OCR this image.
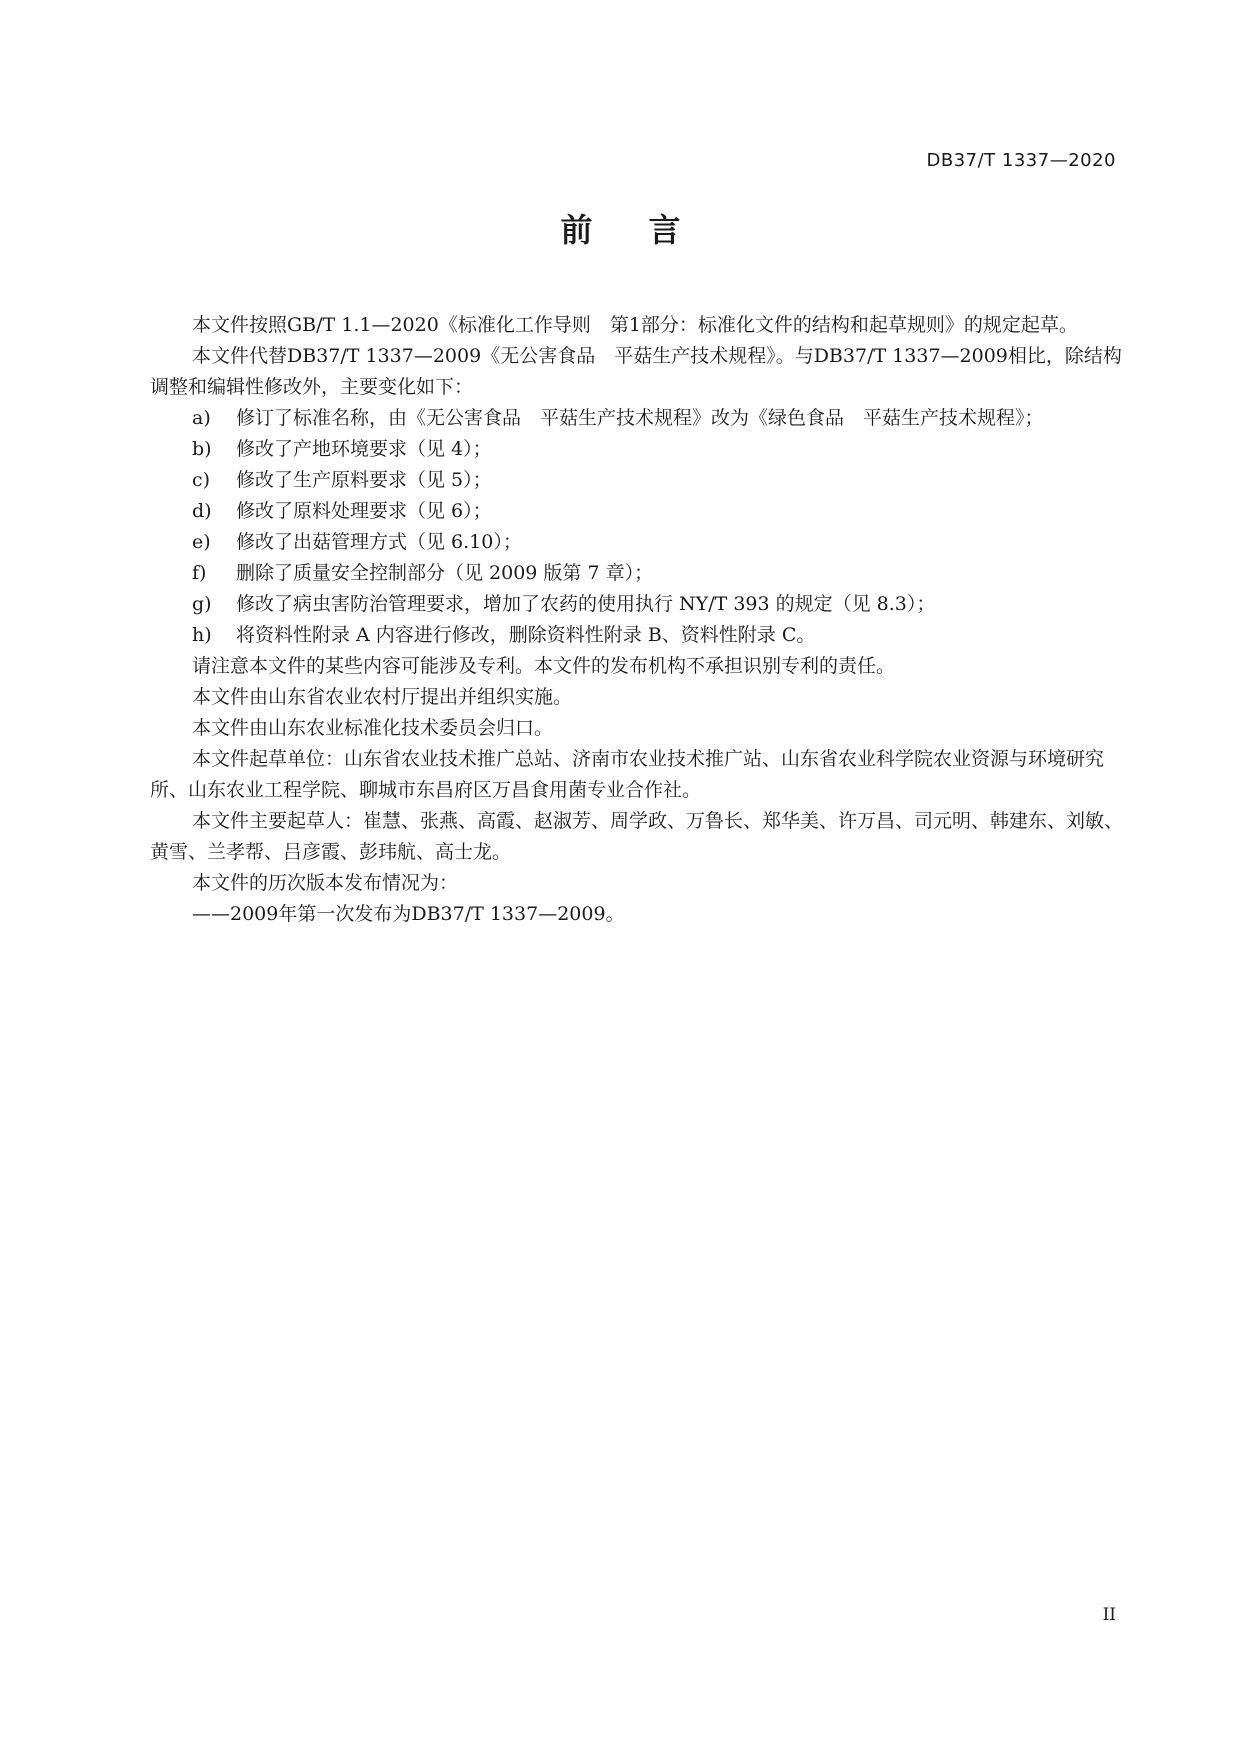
DB37/T 1337—2020
前言

本文件按照GB/T 1.1—2020《标准化工作导则　第1部分：标准化文件的结构和起草规则》的规定起草。

本文件代替DB37/T 1337—2009《无公害食品　平菇生产技术规程》。与DB37/T 1337—2009相比，除结构调整和编辑性修改外，主要变化如下：

a)	修订了标准名称，由《无公害食品　平菇生产技术规程》改为《绿色食品　平菇生产技术规程》；
b)	修改了产地环境要求（见 4）；
c)	修改了生产原料要求（见 5）；
d)	修改了原料处理要求（见 6）；
e)	修改了出菇管理方式（见 6.10）；
f)	删除了质量安全控制部分（见 2009 版第 7 章）；
g)	修改了病虫害防治管理要求，增加了农药的使用执行 NY/T 393 的规定（见 8.3）；
h)	将资料性附录 A 内容进行修改，删除资料性附录 B、资料性附录 C。

请注意本文件的某些内容可能涉及专利。本文件的发布机构不承担识别专利的责任。

本文件由山东省农业农村厅提出并组织实施。

本文件由山东农业标准化技术委员会归口。

本文件起草单位：山东省农业技术推广总站、济南市农业技术推广站、山东省农业科学院农业资源与环境研究所、山东农业工程学院、聊城市东昌府区万昌食用菌专业合作社。

本文件主要起草人：崔慧、张燕、高霞、赵淑芳、周学政、万鲁长、郑华美、许万昌、司元明、韩建东、刘敏、黄雪、兰孝帮、吕彦霞、彭玮航、高士龙。

本文件的历次版本发布情况为：

——2009年第一次发布为DB37/T 1337—2009。

II
